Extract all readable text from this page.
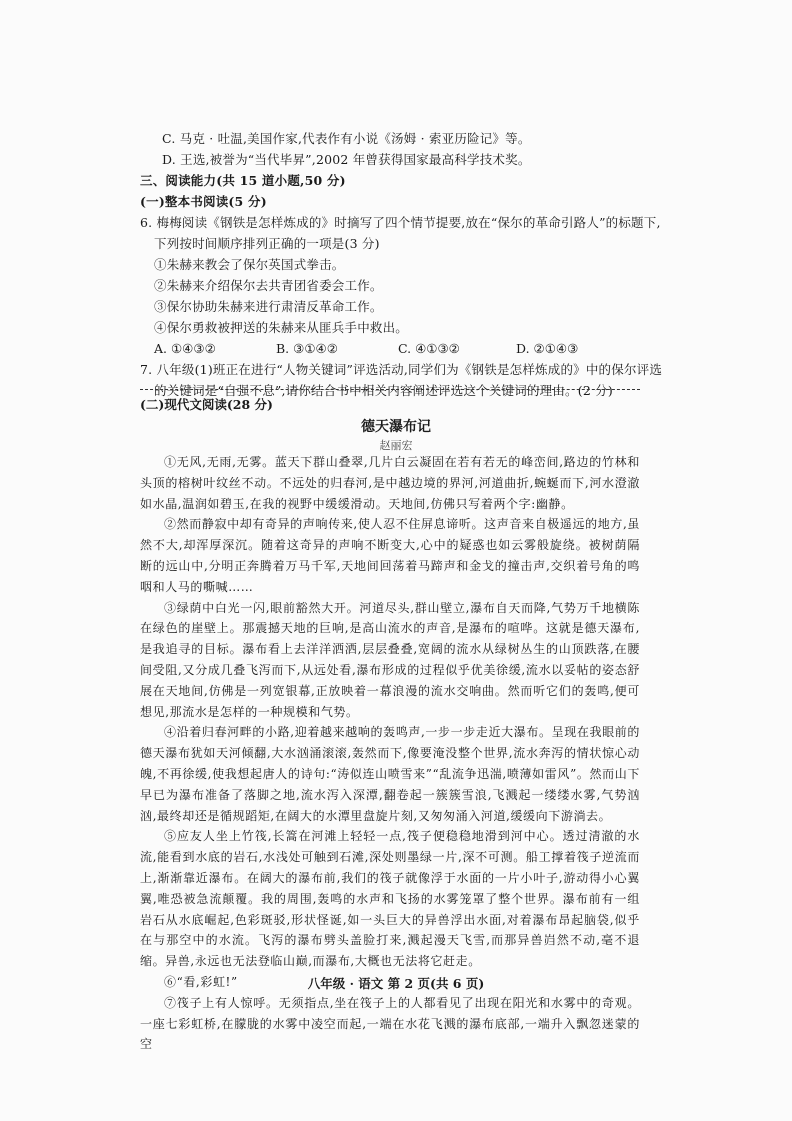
C. 马克 · 吐温,美国作家,代表作有小说《汤姆 · 索亚历险记》等。
D. 王选,被誉为“当代毕昇”,2002 年曾获得国家最高科学技术奖。
三、阅读能力(共 15 道小题,50 分)
(一)整本书阅读(5 分)
6. 梅梅阅读《钢铁是怎样炼成的》时摘写了四个情节提要,放在“保尔的革命引路人”的标题下,
下列按时间顺序排列正确的一项是(3 分)
①朱赫来教会了保尔英国式拳击。
②朱赫来介绍保尔去共青团省委会工作。
③保尔协助朱赫来进行肃清反革命工作。
④保尔勇救被押送的朱赫来从匪兵手中救出。
A. ①④③②	B. ③①④②	C. ④①③②	D. ②①④③
7. 八年级(1)班正在进行“人物关键词”评选活动,同学们为《钢铁是怎样炼成的》中的保尔评选
的关键词是“自强不息”,请你结合书中相关内容阐述评选这个关键词的理由。(2 分)
(二)现代文阅读(28 分)
德天瀑布记
赵丽宏

①无风,无雨,无雾。蓝天下群山叠翠,几片白云凝固在若有若无的峰峦间,路边的竹林和头顶的榕树叶纹丝不动。不远处的归春河,是中越边境的界河,河道曲折,蜿蜒而下,河水澄澈如水晶,温润如碧玉,在我的视野中缓缓滑动。天地间,仿佛只写着两个字:幽静。

②然而静寂中却有奇异的声响传来,使人忍不住屏息谛听。这声音来自极遥远的地方,虽然不大,却浑厚深沉。随着这奇异的声响不断变大,心中的疑惑也如云雾般旋绕。被树荫隔断的远山中,分明正奔腾着万马千军,天地间回荡着马蹄声和金戈的撞击声,交织着号角的鸣咽和人马的嘶喊……

③绿荫中白光一闪,眼前豁然大开。河道尽头,群山壁立,瀑布自天而降,气势万千地横陈在绿色的崖壁上。那震撼天地的巨响,是高山流水的声音,是瀑布的喧哗。这就是德天瀑布,是我追寻的目标。瀑布看上去洋洋洒洒,层层叠叠,宽阔的流水从绿树丛生的山顶跌落,在腰间受阻,又分成几叠飞泻而下,从远处看,瀑布形成的过程似乎优美徐缓,流水以妥帖的姿态舒展在天地间,仿佛是一列宽银幕,正放映着一幕浪漫的流水交响曲。然而听它们的轰鸣,便可想见,那流水是怎样的一种规模和气势。

④沿着归春河畔的小路,迎着越来越响的轰鸣声,一步一步走近大瀑布。呈现在我眼前的德天瀑布犹如天河倾翻,大水汹涌滚滚,轰然而下,像要淹没整个世界,流水奔泻的情状惊心动魄,不再徐缓,使我想起唐人的诗句:“涛似连山喷雪来”“乱流争迅湍,喷薄如雷风”。然而山下早已为瀑布准备了落脚之地,流水泻入深潭,翻卷起一簇簇雪浪,飞溅起一缕缕水雾,气势汹汹,最终却还是循规蹈矩,在阔大的水潭里盘旋片刻,又匆匆涌入河道,缓缓向下游淌去。

⑤应友人坐上竹筏,长篙在河滩上轻轻一点,筏子便稳稳地滑到河中心。透过清澈的水流,能看到水底的岩石,水浅处可触到石滩,深处则墨绿一片,深不可测。船工撑着筏子逆流而上,渐渐靠近瀑布。在阔大的瀑布前,我们的筏子就像浮于水面的一片小叶子,游动得小心翼翼,唯恐被急流颠覆。我的周围,轰鸣的水声和飞扬的水雾笼罩了整个世界。瀑布前有一组岩石从水底崛起,色彩斑驳,形状怪诞,如一头巨大的异兽浮出水面,对着瀑布昂起脑袋,似乎在与那空中的水流。飞泻的瀑布劈头盖脸打来,溅起漫天飞雪,而那异兽岿然不动,毫不退缩。异兽,永远也无法登临山巅,而瀑布,大概也无法将它赶走。

⑥“看,彩虹!”

⑦筏子上有人惊呼。无须指点,坐在筏子上的人都看见了出现在阳光和水雾中的奇观。一座七彩虹桥,在朦胧的水雾中凌空而起,一端在水花飞溅的瀑布底部,一端升入飘忽迷蒙的空

八年级 · 语文 第 2 页(共 6 页)
